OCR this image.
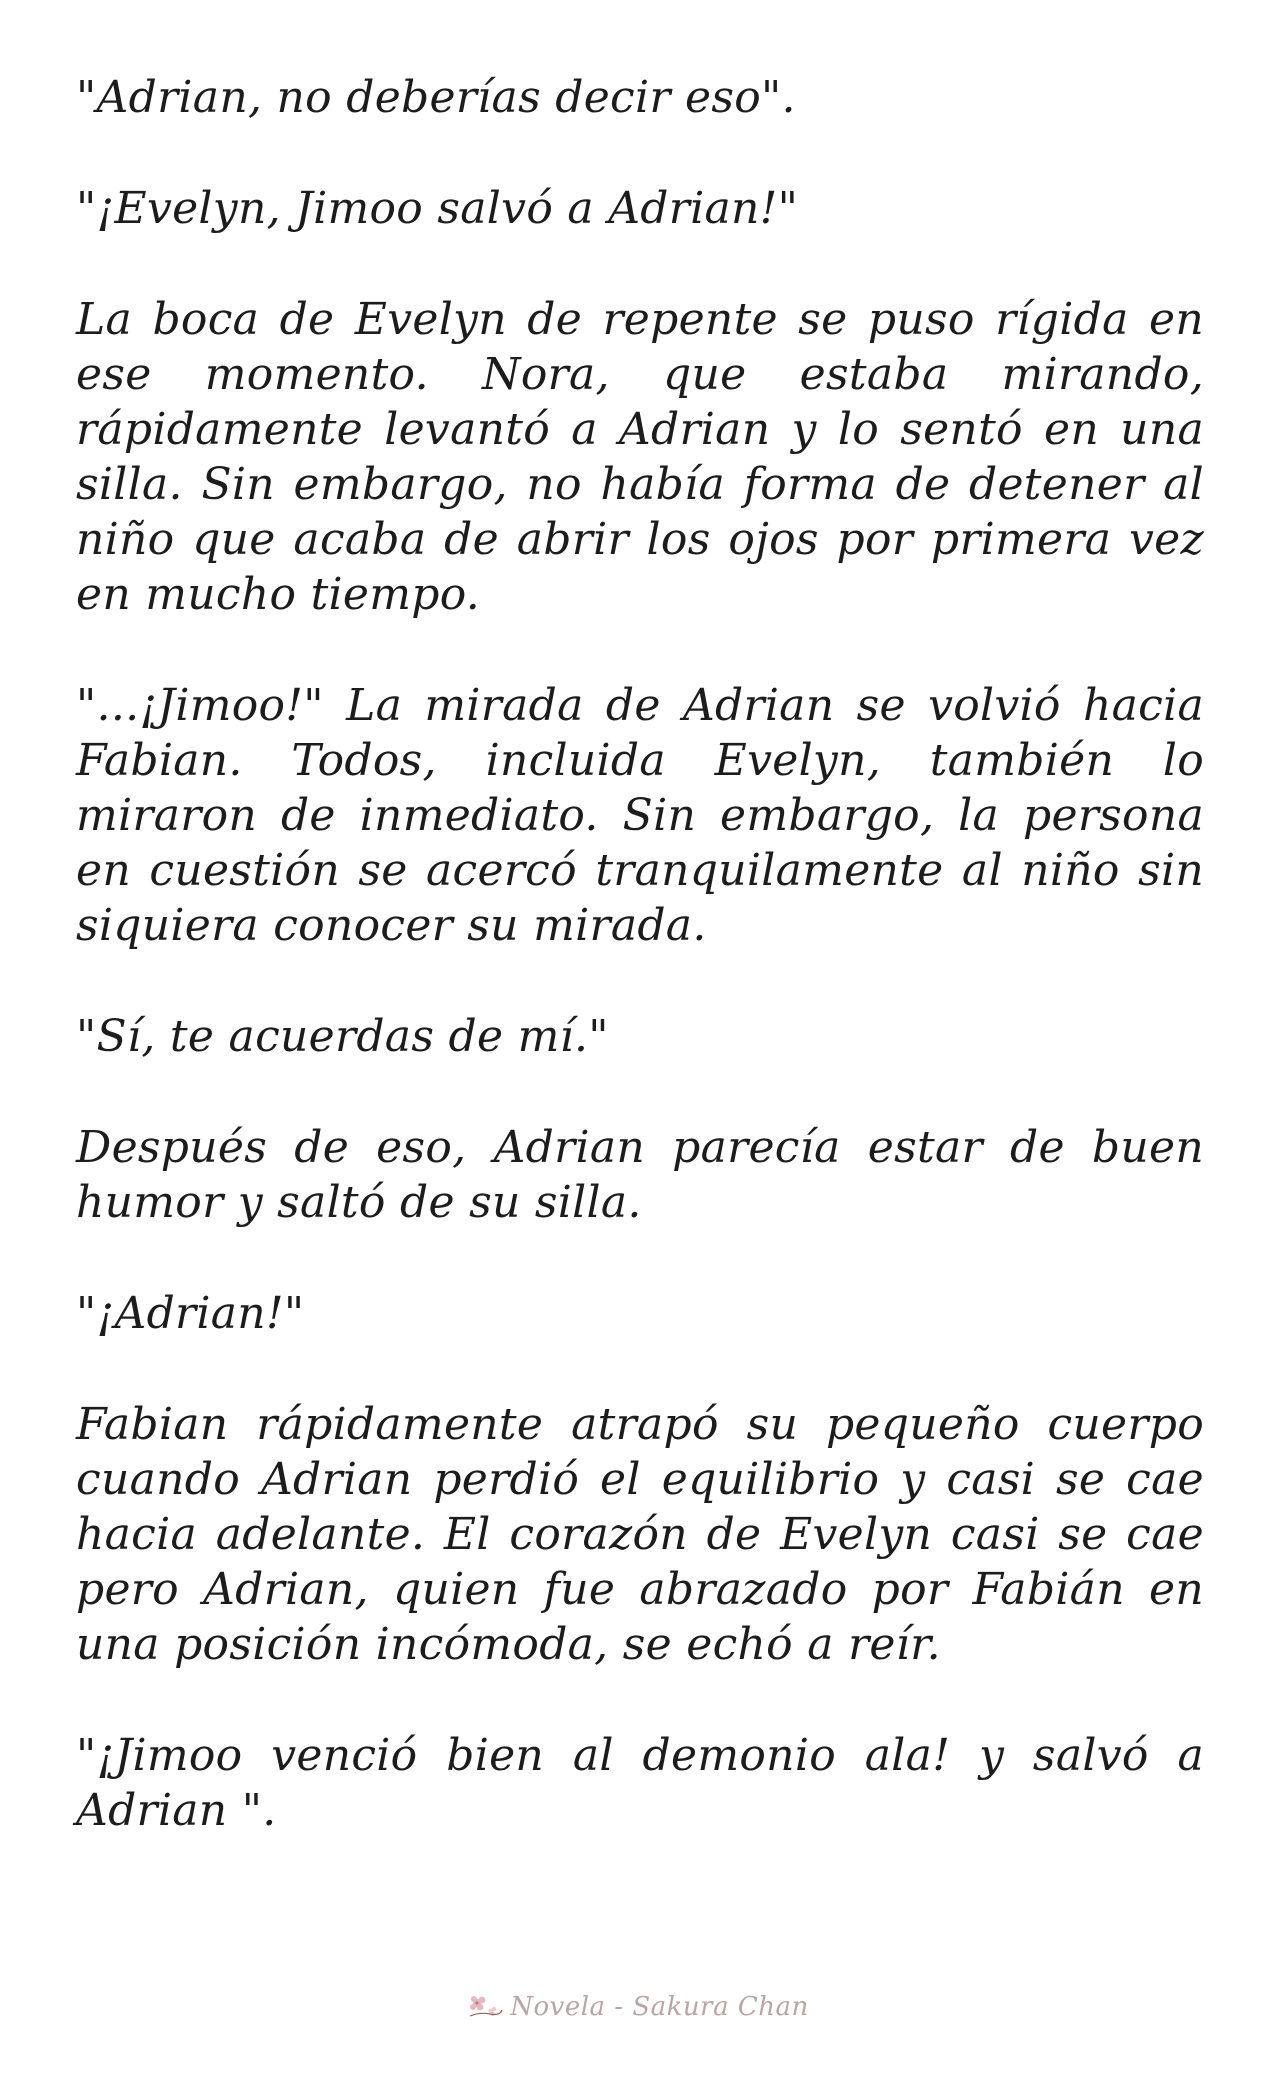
"Adrian, no deberías decir eso".

"¡Evelyn, Jimoo salvó a Adrian!"

La boca de Evelyn de repente se puso rígida en ese momento. Nora, que estaba mirando, rápidamente levantó a Adrian y lo sentó en una silla. Sin embargo, no había forma de detener al niño que acaba de abrir los ojos por primera vez en mucho tiempo.

"...¡Jimoo!" La mirada de Adrian se volvió hacia Fabian. Todos, incluida Evelyn, también lo miraron de inmediato. Sin embargo, la persona en cuestión se acercó tranquilamente al niño sin siquiera conocer su mirada.

"Sí, te acuerdas de mí."

Después de eso, Adrian parecía estar de buen humor y saltó de su silla.

"¡Adrian!"

Fabian rápidamente atrapó su pequeño cuerpo cuando Adrian perdió el equilibrio y casi se cae hacia adelante. El corazón de Evelyn casi se cae pero Adrian, quien fue abrazado por Fabián en una posición incómoda, se echó a reír.

"¡Jimoo venció bien al demonio ala! y salvó a Adrian ".

Novela - Sakura Chan
